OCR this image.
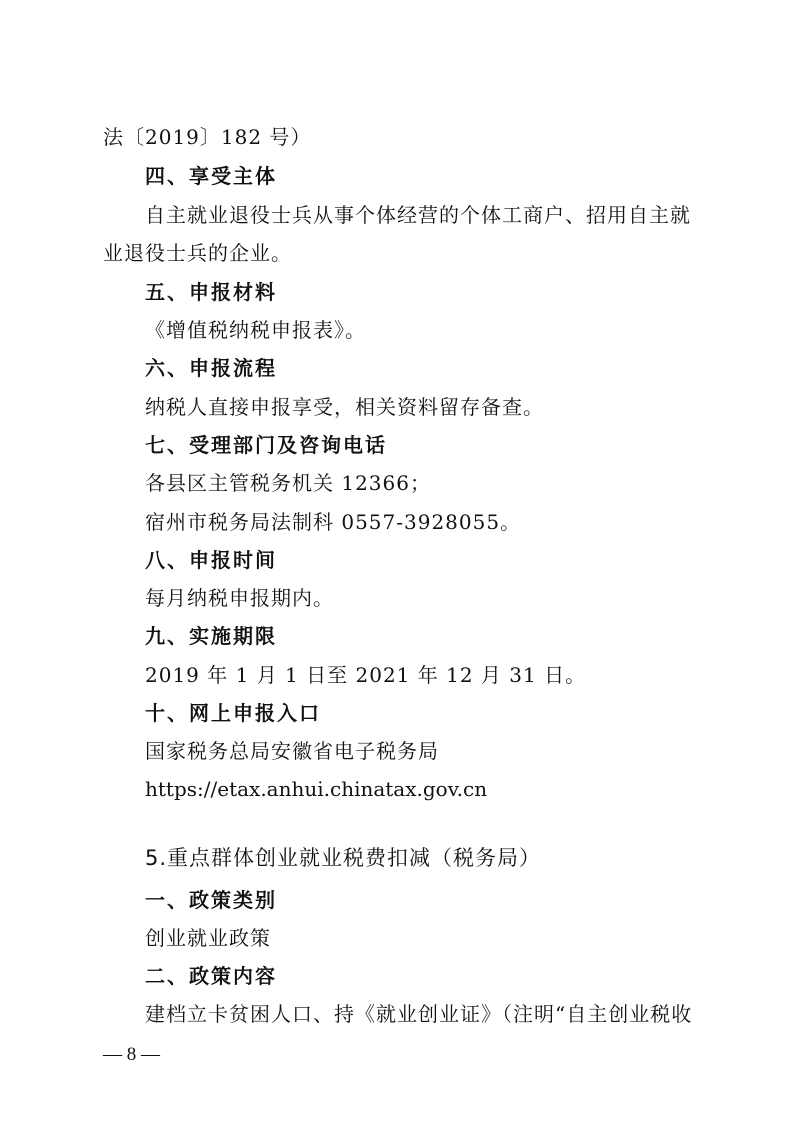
法〔2019〕182 号）
四、享受主体
自主就业退役士兵从事个体经营的个体工商户、招用自主就
业退役士兵的企业。
五、申报材料
《增值税纳税申报表》。
六、申报流程
纳税人直接申报享受，相关资料留存备查。
七、受理部门及咨询电话
各县区主管税务机关 12366；
宿州市税务局法制科 0557-3928055。
八、申报时间
每月纳税申报期内。
九、实施期限
2019 年 1 月 1 日至 2021 年 12 月 31 日。
十、网上申报入口
国家税务总局安徽省电子税务局
https://etax.anhui.chinatax.gov.cn
5.重点群体创业就业税费扣减（税务局）
一、政策类别
创业就业政策
二、政策内容
建档立卡贫困人口、持《就业创业证》（注明“自主创业税收
— 8 —
